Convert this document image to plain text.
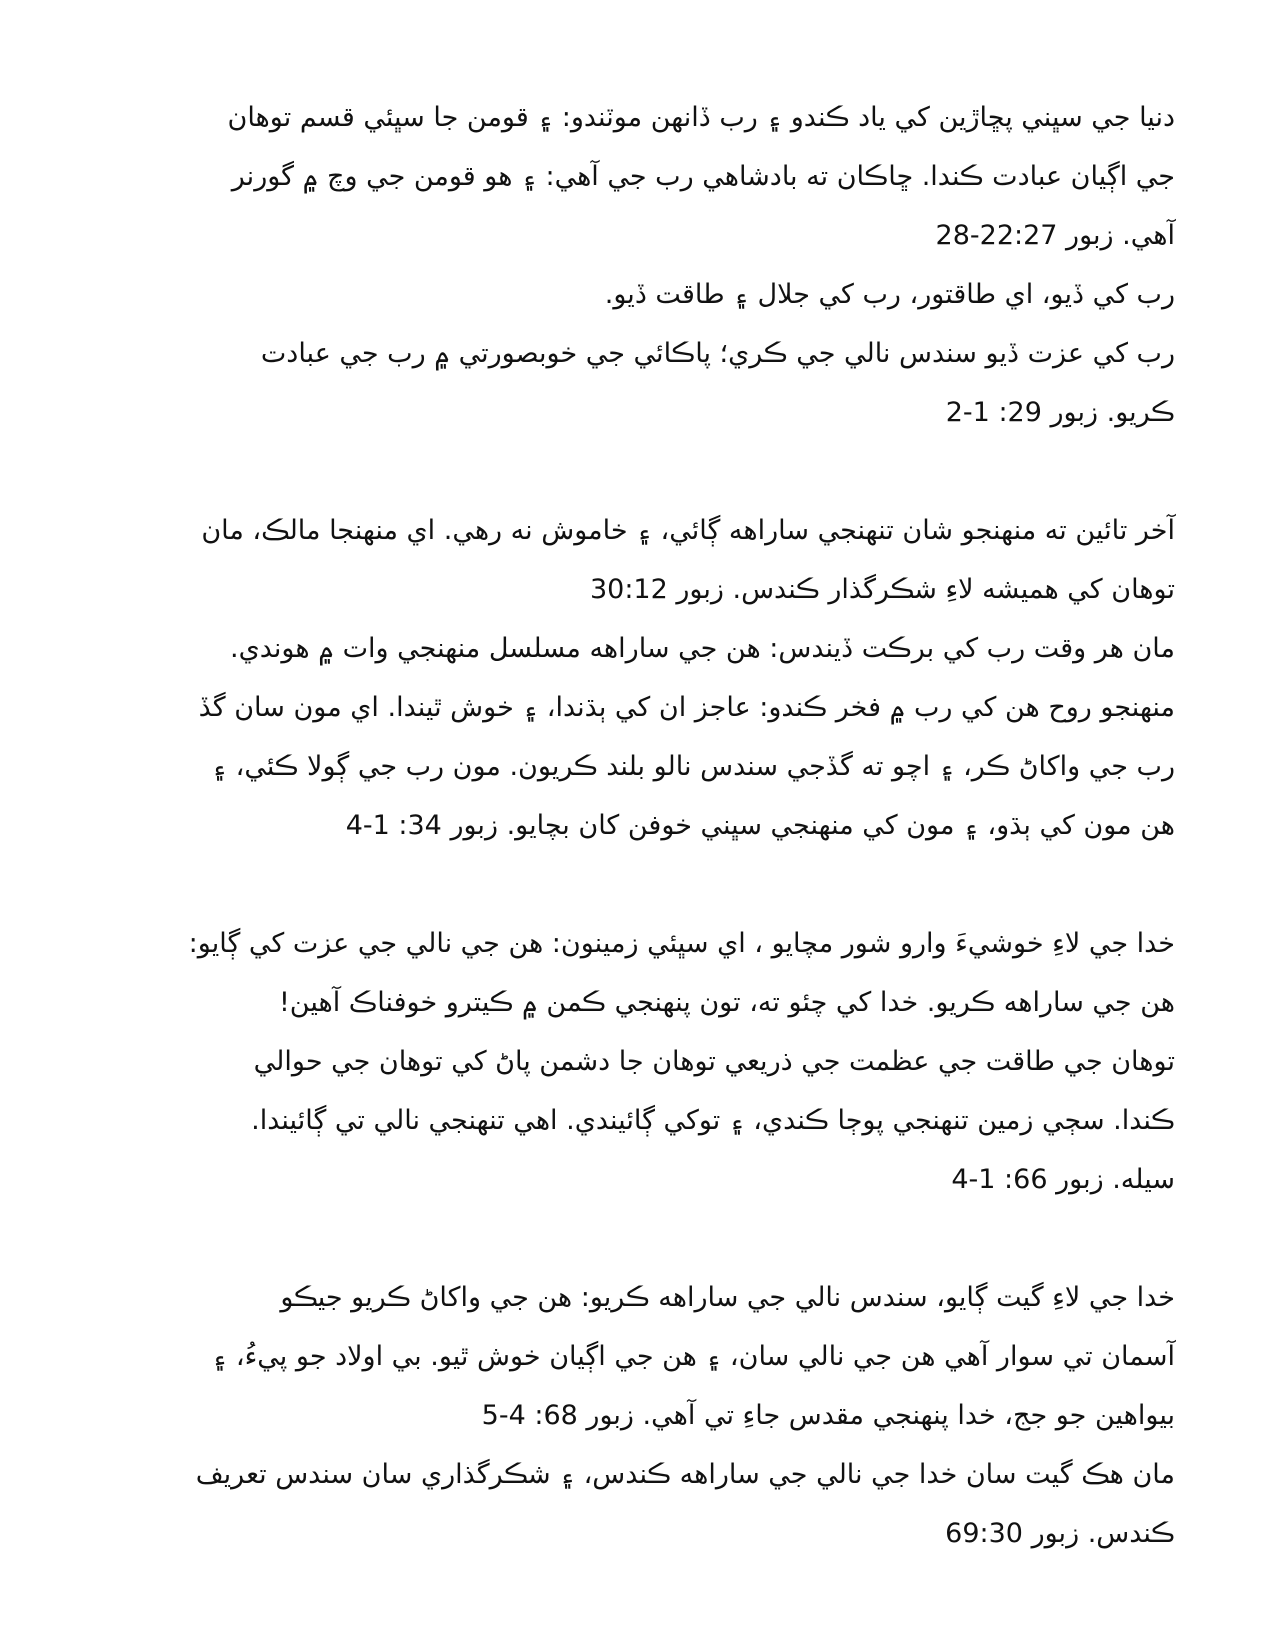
دنيا جي سڀني پڇاڙين کي ياد ڪندو ۽ رب ڏانهن موٽندو: ۽ قومن جا سڀئي قسم توهان
جي اڳيان عبادت ڪندا. ڇاڪان ته بادشاهي رب جي آهي: ۽ هو قومن جي وچ ۾ گورنر
آهي. زبور 22:27-28
رب کي ڏيو، اي طاقتور، رب کي جلال ۽ طاقت ڏيو.
رب کي عزت ڏيو سندس نالي جي ڪري؛ پاڪائي جي خوبصورتي ۾ رب جي عبادت
ڪريو. زبور 29: 1-2
آخر تائين ته منهنجو شان تنهنجي ساراهه ڳائي، ۽ خاموش نه رهي. اي منهنجا مالڪ، مان
توهان کي هميشه لاءِ شڪرگذار ڪندس. زبور 30:12
مان هر وقت رب کي برڪت ڏيندس: هن جي ساراهه مسلسل منهنجي وات ۾ هوندي.
منهنجو روح هن کي رب ۾ فخر ڪندو: عاجز ان کي ٻڌندا، ۽ خوش ٿيندا. اي مون سان گڏ
رب جي واکاڻ ڪر، ۽ اچو ته گڏجي سندس نالو بلند ڪريون. مون رب جي ڳولا ڪئي، ۽
هن مون کي ٻڌو، ۽ مون کي منهنجي سڀني خوفن کان بچايو. زبور 34: 1-4
خدا جي لاءِ خوشيءَ وارو شور مچايو ، اي سڀئي زمينون: هن جي نالي جي عزت کي ڳايو:
هن جي ساراهه ڪريو. خدا کي چئو ته، تون پنهنجي ڪمن ۾ ڪيترو خوفناڪ آهين!
توهان جي طاقت جي عظمت جي ذريعي توهان جا دشمن پاڻ کي توهان جي حوالي
ڪندا. سڄي زمين تنهنجي پوڄا ڪندي، ۽ توکي ڳائيندي. اهي تنهنجي نالي تي ڳائيندا.
سيله. زبور 66: 1-4
خدا جي لاءِ گيت ڳايو، سندس نالي جي ساراهه ڪريو: هن جي واکاڻ ڪريو جيڪو
آسمان تي سوار آهي هن جي نالي سان، ۽ هن جي اڳيان خوش ٿيو. بي اولاد جو پيءُ، ۽
بيواهين جو جج، خدا پنهنجي مقدس جاءِ تي آهي. زبور 68: 4-5
مان هڪ گيت سان خدا جي نالي جي ساراهه ڪندس، ۽ شڪرگذاري سان سندس تعريف
ڪندس. زبور 69:30
